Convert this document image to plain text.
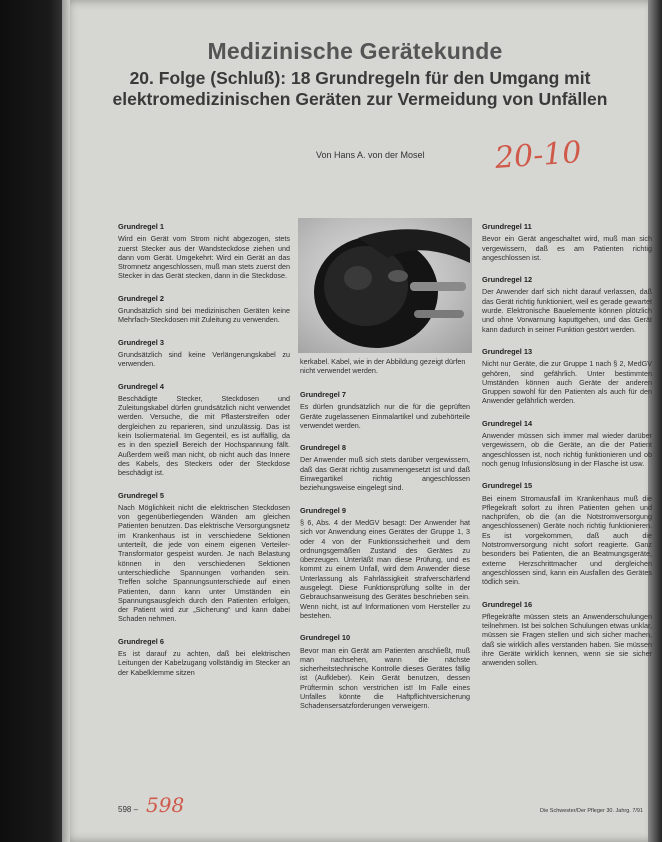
Medizinische Gerätekunde
20. Folge (Schluß): 18 Grundregeln für den Umgang mit elektromedizinischen Geräten zur Vermeidung von Unfällen
Von Hans A. von der Mosel 20-10
Grundregel 1

Wird ein Gerät vom Strom nicht abgezogen, stets zuerst Stecker aus der Wandsteckdose ziehen und dann vom Gerät. Umgekehrt: Wird ein Gerät an das Stromnetz angeschlossen, muß man stets zuerst den Stecker in das Gerät stecken, dann in die Steckdose.

Grundregel 2

Grundsätzlich sind bei medizinischen Geräten keine Mehrfach-Steckdosen mit Zuleitung zu verwenden.

Grundregel 3

Grundsätzlich sind keine Verlängerungskabel zu verwenden.

Grundregel 4

Beschädigte Stecker, Steckdosen und Zuleitungskabel dürfen grundsätzlich nicht verwendet werden. Versuche, die mit Pflasterstreifen oder dergleichen zu reparieren, sind unzulässig. Das ist kein Isoliermaterial. Im Gegenteil, es ist auffällig, da es in den speziell Bereich der Hochspannung fällt. Außerdem weiß man nicht, ob nicht auch das Innere des Kabels, des Steckers oder der Steckdose beschädigt ist.

Grundregel 5

Nach Möglichkeit nicht die elektrischen Steckdosen von gegenüberliegenden Wänden am gleichen Patienten benutzen. Das elektrische Versorgungsnetz im Krankenhaus ist in verschiedene Sektionen unterteilt, die jede von einem eigenen Verteiler-Transformator gespeist wurden. Je nach Belastung können in den verschiedenen Sektionen unterschiedliche Spannungen vorhanden sein. Treffen solche Spannungsunterschiede auf einen Patienten, dann kann unter Umständen ein Spannungsausgleich durch den Patienten erfolgen, der Patient wird zur „Sicherung“ und kann dabei Schaden nehmen.

Grundregel 6

Es ist darauf zu achten, daß bei elektrischen Leitungen der Kabelzugang vollständig im Stecker an der Kabelklemme sitzen

kerkabel. Kabel, wie in der Abbildung gezeigt dürfen nicht verwendet werden.
Grundregel 7

Es dürfen grundsätzlich nur die für die geprüften Geräte zugelassenen Einmalartikel und zubehörteile verwendet werden.

Grundregel 8

Der Anwender muß sich stets darüber vergewissern, daß das Gerät richtig zusammengesetzt ist und daß Einwegartikel richtig angeschlossen beziehungsweise eingelegt sind.

Grundregel 9

§ 6, Abs. 4 der MedGV besagt: Der Anwender hat sich vor Anwendung eines Gerätes der Gruppe 1, 3 oder 4 von der Funktionssicherheit und dem ordnungsgemäßen Zustand des Gerätes zu überzeugen. Unterläßt man diese Prüfung, und es kommt zu einem Unfall, wird dem Anwender diese Unterlassung als Fahrlässigkeit strafverschärfend ausgelegt. Diese Funktionsprüfung sollte in der Gebrauchsanweisung des Gerätes beschrieben sein. Wenn nicht, ist auf Informationen vom Hersteller zu bestehen.

Grundregel 10

Bevor man ein Gerät am Patienten anschließt, muß man nachsehen, wann die nächste sicherheitstechnische Kontrolle dieses Gerätes fällig ist (Aufkleber). Kein Gerät benutzen, dessen Prüftermin schon verstrichen ist! Im Falle eines Unfalles könnte die Haftpflichtversicherung Schadensersatzforderungen verweigern.

Grundregel 11

Bevor ein Gerät angeschaltet wird, muß man sich vergewissern, daß es am Patienten richtig angeschlossen ist.

Grundregel 12

Der Anwender darf sich nicht darauf verlassen, daß das Gerät richtig funktioniert, weil es gerade gewartet wurde. Elektronische Bauelemente können plötzlich und ohne Vorwarnung kaputtgehen, und das Gerät kann dadurch in seiner Funktion gestört werden.

Grundregel 13

Nicht nur Geräte, die zur Gruppe 1 nach § 2, MedGV gehören, sind gefährlich. Unter bestimmten Umständen können auch Geräte der anderen Gruppen sowohl für den Patienten als auch für den Anwender gefährlich werden.

Grundregel 14

Anwender müssen sich immer mal wieder darüber vergewissern, ob die Geräte, an die der Patient angeschlossen ist, noch richtig funktionieren und ob noch genug Infusionslösung in der Flasche ist usw.

Grundregel 15

Bei einem Stromausfall im Krankenhaus muß die Pflegekraft sofort zu ihren Patienten gehen und nachprüfen, ob die (an die Notstromversorgung angeschlossenen) Geräte noch richtig funktionieren. Es ist vorgekommen, daß auch die Notstromversorgung nicht sofort reagierte. Ganz besonders bei Patienten, die an Beatmungsgeräte, externe Herzschrittmacher und dergleichen angeschlossen sind, kann ein Ausfallen des Gerätes tödlich sein.

Grundregel 16

Pflegekräfte müssen stets an Anwenderschulungen teilnehmen. Ist bei solchen Schulungen etwas unklar, müssen sie Fragen stellen und sich sicher machen, daß sie wirklich alles verstanden haben. Sie müssen ihre Geräte wirklich kennen, wenn sie sie sicher anwenden sollen.

598 – 598	Die Schwester/Der Pfleger 30. Jahrg. 7/91
